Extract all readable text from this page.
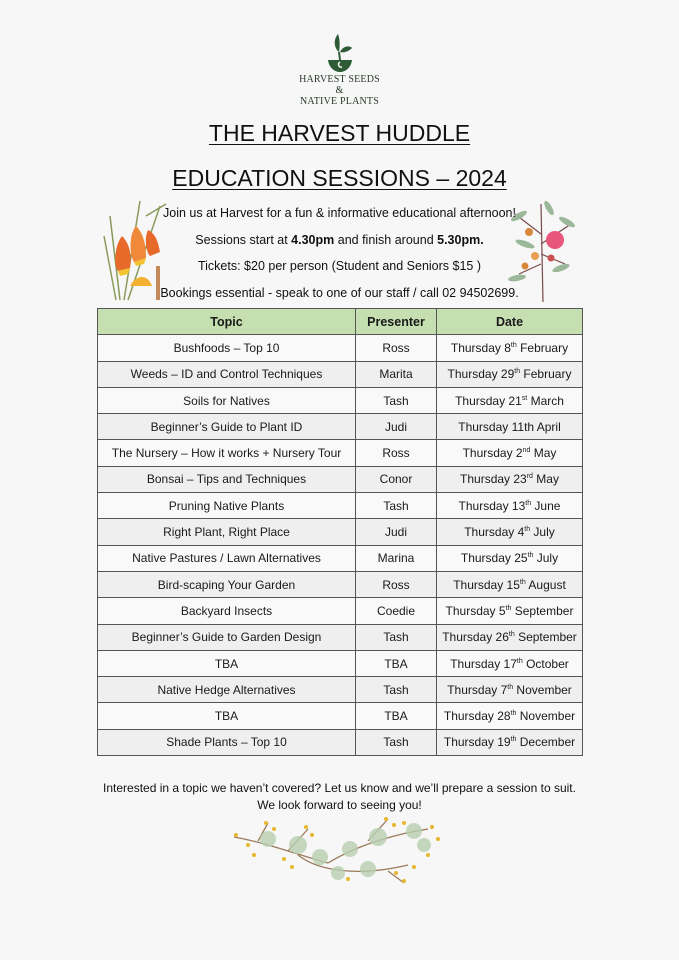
HARVEST SEEDS
&
NATIVE PLANTS
THE HARVEST HUDDLE
EDUCATION SESSIONS – 2024

Join us at Harvest for a fun & informative educational afternoon!

Sessions start at 4.30pm and finish around 5.30pm.

Tickets: $20 per person (Student and Seniors $15 )

Bookings essential - speak to one of our staff / call 02 94502699.

Topic	Presenter	Date
Bushfoods – Top 10	Ross	Thursday 8th February
Weeds – ID and Control Techniques	Marita	Thursday 29th February
Soils for Natives	Tash	Thursday 21st March
Beginner’s Guide to Plant ID	Judi	Thursday 11th April
The Nursery – How it works + Nursery Tour	Ross	Thursday 2nd May
Bonsai – Tips and Techniques	Conor	Thursday 23rd May
Pruning Native Plants	Tash	Thursday 13th June
Right Plant, Right Place	Judi	Thursday 4th July
Native Pastures / Lawn Alternatives	Marina	Thursday 25th July
Bird-scaping Your Garden	Ross	Thursday 15th August
Backyard Insects	Coedie	Thursday 5th September
Beginner’s Guide to Garden Design	Tash	Thursday 26th September
TBA	TBA	Thursday 17th October
Native Hedge Alternatives	Tash	Thursday 7th November
TBA	TBA	Thursday 28th November
Shade Plants – Top 10	Tash	Thursday 19th December

Interested in a topic we haven’t covered? Let us know and we’ll prepare a session to suit.

We look forward to seeing you!
